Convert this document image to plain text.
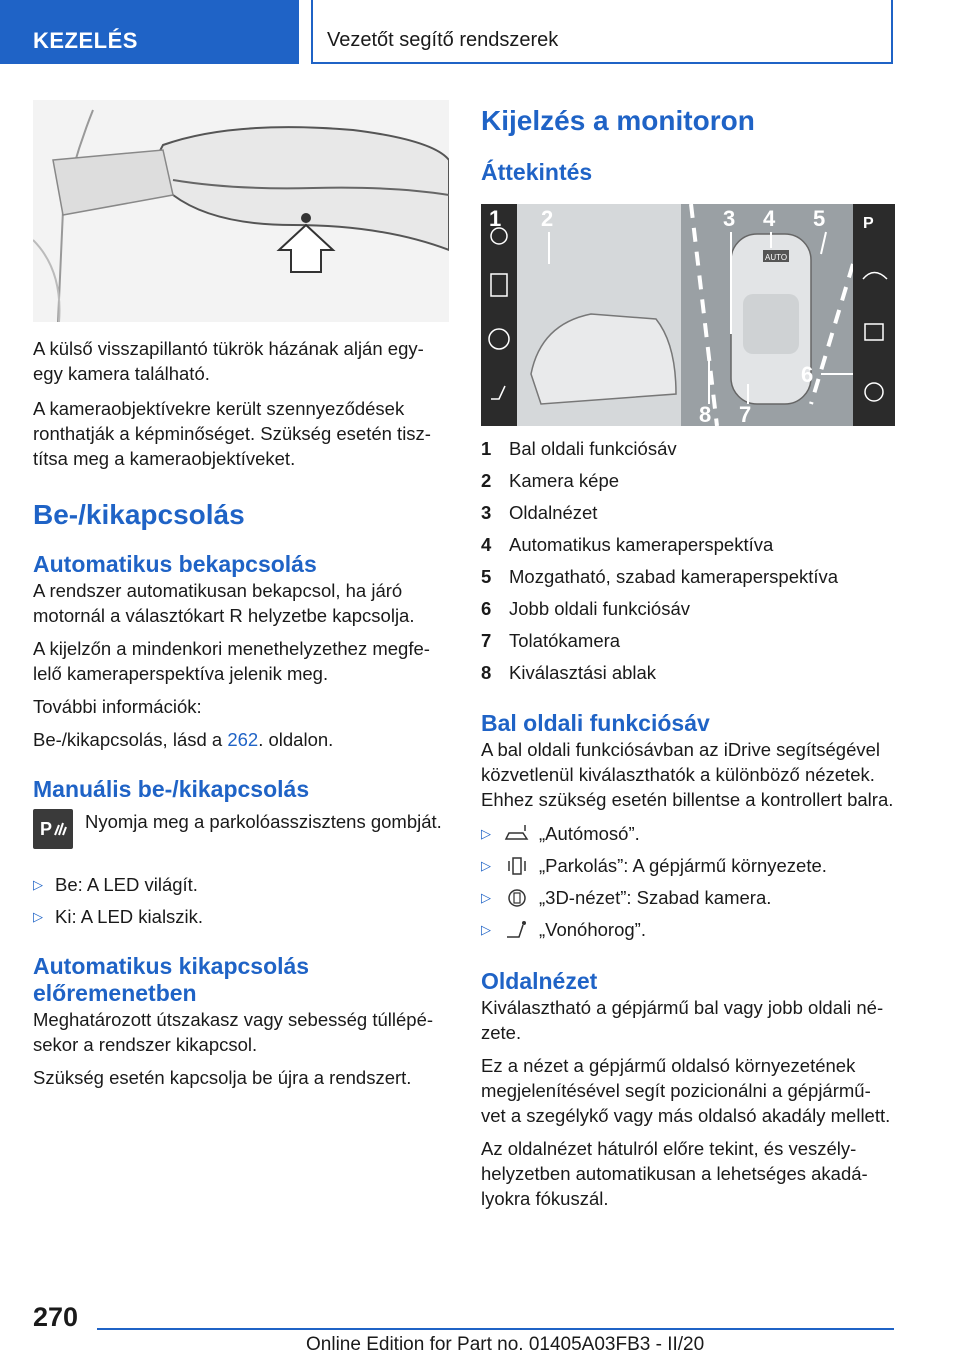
KEZELÉS	Vezetőt segítő rendszerek

A külső visszapillantó tükrök házának alján egy-egy kamera található.

A kameraobjektívekre került szennyeződések ronthatják a képminőséget. Szükség esetén tisz-títsa meg a kameraobjektíveket.

Be-/kikapcsolás
Automatikus bekapcsolás

A rendszer automatikusan bekapcsol, ha járó motornál a választókart R helyzetbe kapcsolja.

A kijelzőn a mindenkori menethelyzethez megfe-lelő kameraperspektíva jelenik meg.

További információk:

Be-/kikapcsolás, lásd a 262. oldalon.

Manuális be-/kikapcsolás
P Nyomja meg a parkolóasszisztens gombját.

▷ Be: A LED világít.
▷ Ki: A LED kialszik.
Automatikus kikapcsolás előremenetben

Meghatározott útszakasz vagy sebesség túllépé-sekor a rendszer kikapcsol.

Szükség esetén kapcsolja be újra a rendszert.

Kijelzés a monitoron
Áttekintés
AUTO
P
1 2	3 4 5
6
7
8
1 Bal oldali funkciósáv
2 Kamera képe
3 Oldalnézet
4 Automatikus kameraperspektíva
5 Mozgatható, szabad kameraperspektíva
6 Jobb oldali funkciósáv
7 Tolatókamera
8 Kiválasztási ablak
Bal oldali funkciósáv

A bal oldali funkciósávban az iDrive segítségével közvetlenül kiválaszthatók a különböző nézetek. Ehhez szükség esetén billentse a kontrollert balra.

▷	„Autómosó”.
▷	„Parkolás”: A gépjármű környezete.
▷	„3D-nézet”: Szabad kamera.
▷	„Vonóhorog”.
Oldalnézet

Kiválasztható a gépjármű bal vagy jobb oldali né-zete.

Ez a nézet a gépjármű oldalsó környezetének megjelenítésével segít pozicionálni a gépjármű-vet a szegélykő vagy más oldalsó akadály mellett.

Az oldalnézet hátulról előre tekint, és veszély-helyzetben automatikusan a lehetséges akadá-lyokra fókuszál.

270
Online Edition for Part no. 01405A03FB3 - II/20
